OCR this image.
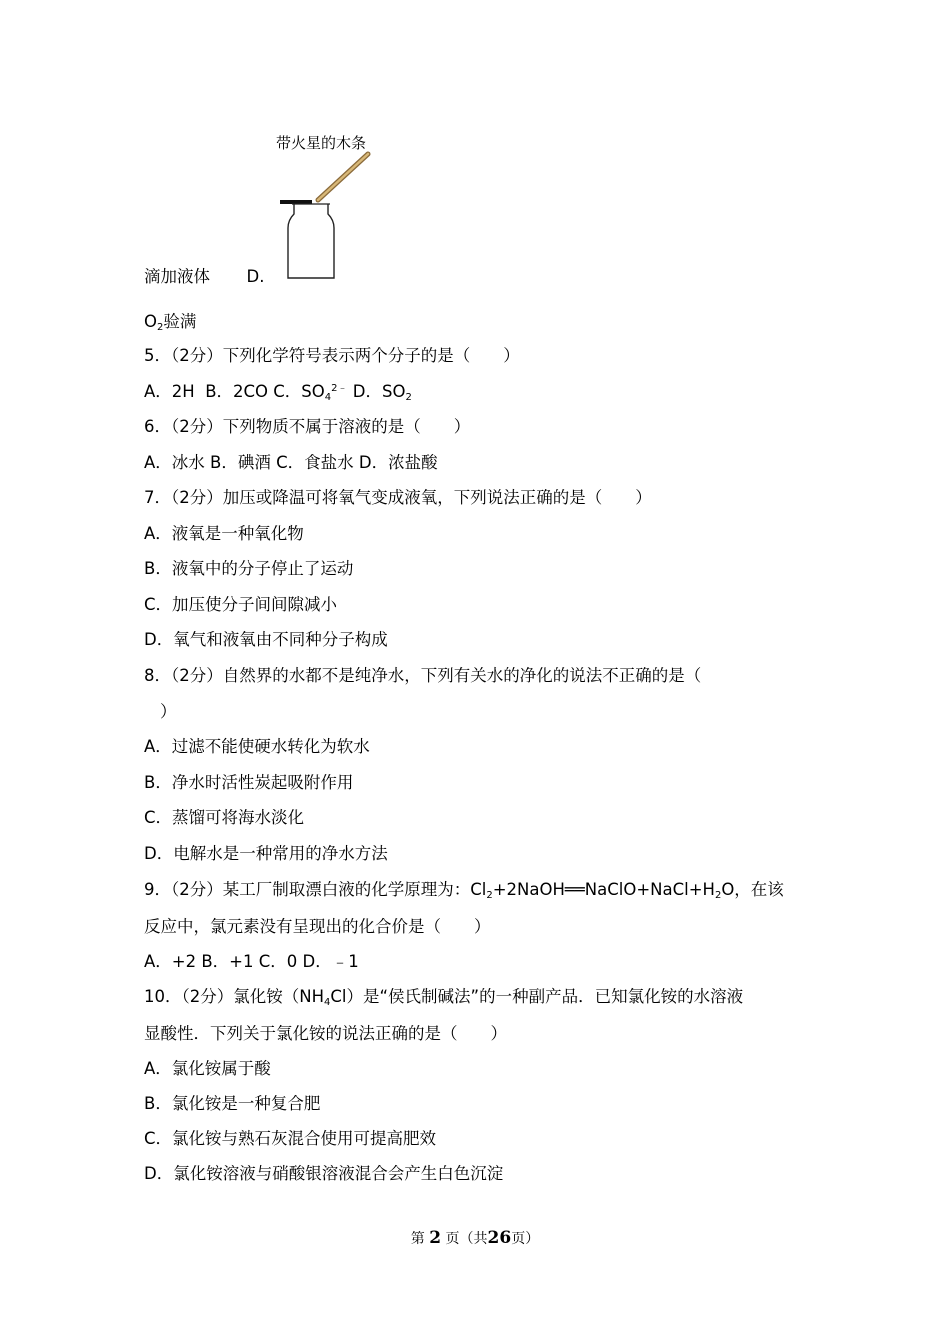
带火星的木条
滴加液体 D.
$O_2$验满
5．（2分）下列化学符号表示两个分子的是（　　）
A．2H B．2CO C．$SO_4^{2﹣}$ D．$SO_2$
6．（2分）下列物质不属于溶液的是（　　）
A．冰水 B．碘酒 C．食盐水 D．浓盐酸
7．（2分）加压或降温可将氧气变成液氧，下列说法正确的是（　　）
A．液氧是一种氧化物
B．液氧中的分子停止了运动
C．加压使分子间间隙减小
D．氧气和液氧由不同种分子构成
8．（2分）自然界的水都不是纯净水，下列有关水的净化的说法不正确的是（
）
A．过滤不能使硬水转化为软水
B．净水时活性炭起吸附作用
C．蒸馏可将海水淡化
D．电解水是一种常用的净水方法
9．（2分）某工厂制取漂白液的化学原理为：$Cl_2+2NaOH══NaClO+NaCl+H_2O$，在该
反应中，氯元素没有呈现出的化合价是（　　）
A．+2 B．+1 C．0 D．﹣1
10．（2分）氯化铵$(NH_4Cl)$是“侯氏制碱法”的一种副产品．已知氯化铵的水溶液
显酸性．下列关于氯化铵的说法正确的是（　　）
A．氯化铵属于酸
B．氯化铵是一种复合肥
C．氯化铵与熟石灰混合使用可提高肥效
D．氯化铵溶液与硝酸银溶液混合会产生白色沉淀
第 2 页（共26页）
